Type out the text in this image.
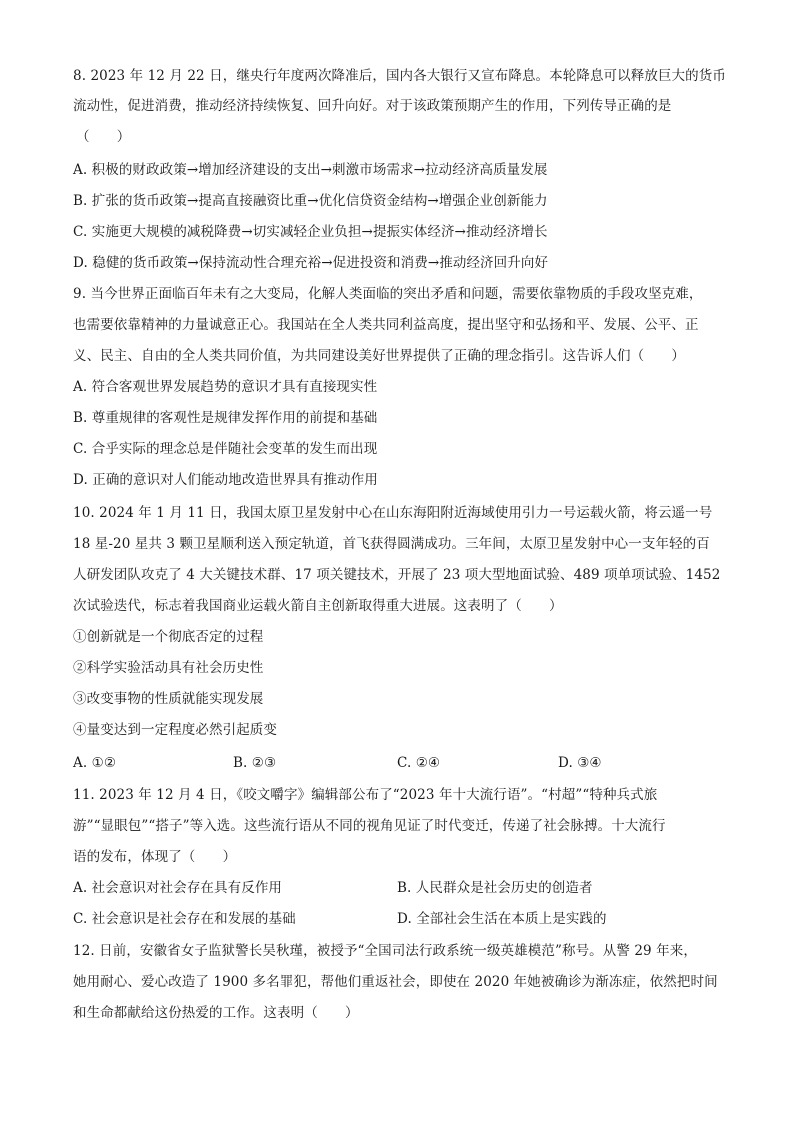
8. 2023 年 12 月 22 日，继央行年度两次降准后，国内各大银行又宣布降息。本轮降息可以释放巨大的货币
流动性，促进消费，推动经济持续恢复、回升向好。对于该政策预期产生的作用，下列传导正确的是
（　　）
A. 积极的财政政策→增加经济建设的支出→刺激市场需求→拉动经济高质量发展
B. 扩张的货币政策→提高直接融资比重→优化信贷资金结构→增强企业创新能力
C. 实施更大规模的减税降费→切实减轻企业负担→提振实体经济→推动经济增长
D. 稳健的货币政策→保持流动性合理充裕→促进投资和消费→推动经济回升向好
9. 当今世界正面临百年未有之大变局，化解人类面临的突出矛盾和问题，需要依靠物质的手段攻坚克难，
也需要依靠精神的力量诚意正心。我国站在全人类共同利益高度，提出坚守和弘扬和平、发展、公平、正
义、民主、自由的全人类共同价值，为共同建设美好世界提供了正确的理念指引。这告诉人们（　　）
A. 符合客观世界发展趋势的意识才具有直接现实性
B. 尊重规律的客观性是规律发挥作用的前提和基础
C. 合乎实际的理念总是伴随社会变革的发生而出现
D. 正确的意识对人们能动地改造世界具有推动作用
10. 2024 年 1 月 11 日，我国太原卫星发射中心在山东海阳附近海域使用引力一号运载火箭，将云遥一号
18 星-20 星共 3 颗卫星顺利送入预定轨道，首飞获得圆满成功。三年间，太原卫星发射中心一支年轻的百
人研发团队攻克了 4 大关键技术群、17 项关键技术，开展了 23 项大型地面试验、489 项单项试验、1452
次试验迭代，标志着我国商业运载火箭自主创新取得重大进展。这表明了（　　）
①创新就是一个彻底否定的过程
②科学实验活动具有社会历史性
③改变事物的性质就能实现发展
④量变达到一定程度必然引起质变
A. ①②	B. ②③	C. ②④	D. ③④
11. 2023 年 12 月 4 日，《咬文嚼字》编辑部公布了“2023 年十大流行语”。“村超”“特种兵式旅
游”“显眼包”“搭子”等入选。这些流行语从不同的视角见证了时代变迁，传递了社会脉搏。十大流行
语的发布，体现了（　　）
A. 社会意识对社会存在具有反作用	B. 人民群众是社会历史的创造者
C. 社会意识是社会存在和发展的基础	D. 全部社会生活在本质上是实践的
12. 日前，安徽省女子监狱警长吴秋瑾，被授予“全国司法行政系统一级英雄模范”称号。从警 29 年来，
她用耐心、爱心改造了 1900 多名罪犯，帮他们重返社会，即使在 2020 年她被确诊为渐冻症，依然把时间
和生命都献给这份热爱的工作。这表明（　　）
